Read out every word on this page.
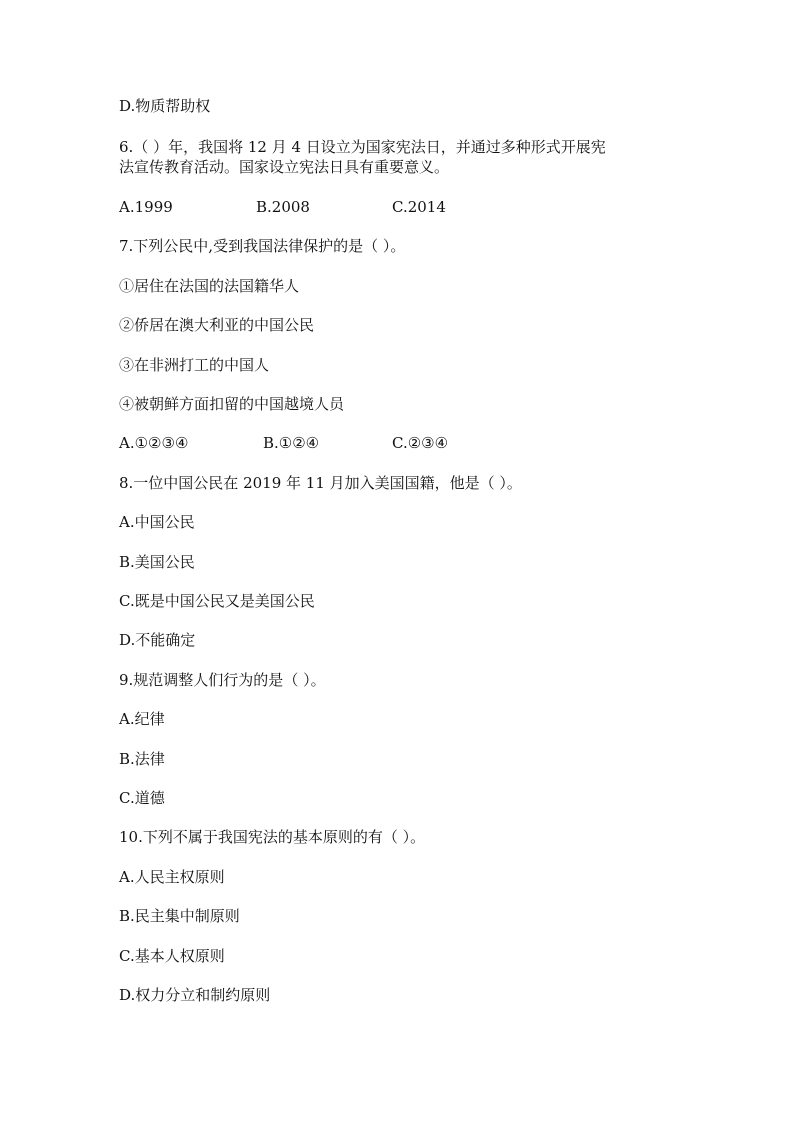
D.物质帮助权
6.（ ）年，我国将 12 月 4 日设立为国家宪法日，并通过多种形式开展宪
法宣传教育活动。国家设立宪法日具有重要意义。
A.1999	B.2008	C.2014
7.下列公民中,受到我国法律保护的是（ ）。
①居住在法国的法国籍华人
②侨居在澳大利亚的中国公民
③在非洲打工的中国人
④被朝鲜方面扣留的中国越境人员
A.①②③④	B.①②④	C.②③④
8.一位中国公民在 2019 年 11 月加入美国国籍，他是（ ）。
A.中国公民
B.美国公民
C.既是中国公民又是美国公民
D.不能确定
9.规范调整人们行为的是（ ）。
A.纪律
B.法律
C.道德
10.下列不属于我国宪法的基本原则的有（ ）。
A.人民主权原则
B.民主集中制原则
C.基本人权原则
D.权力分立和制约原则
